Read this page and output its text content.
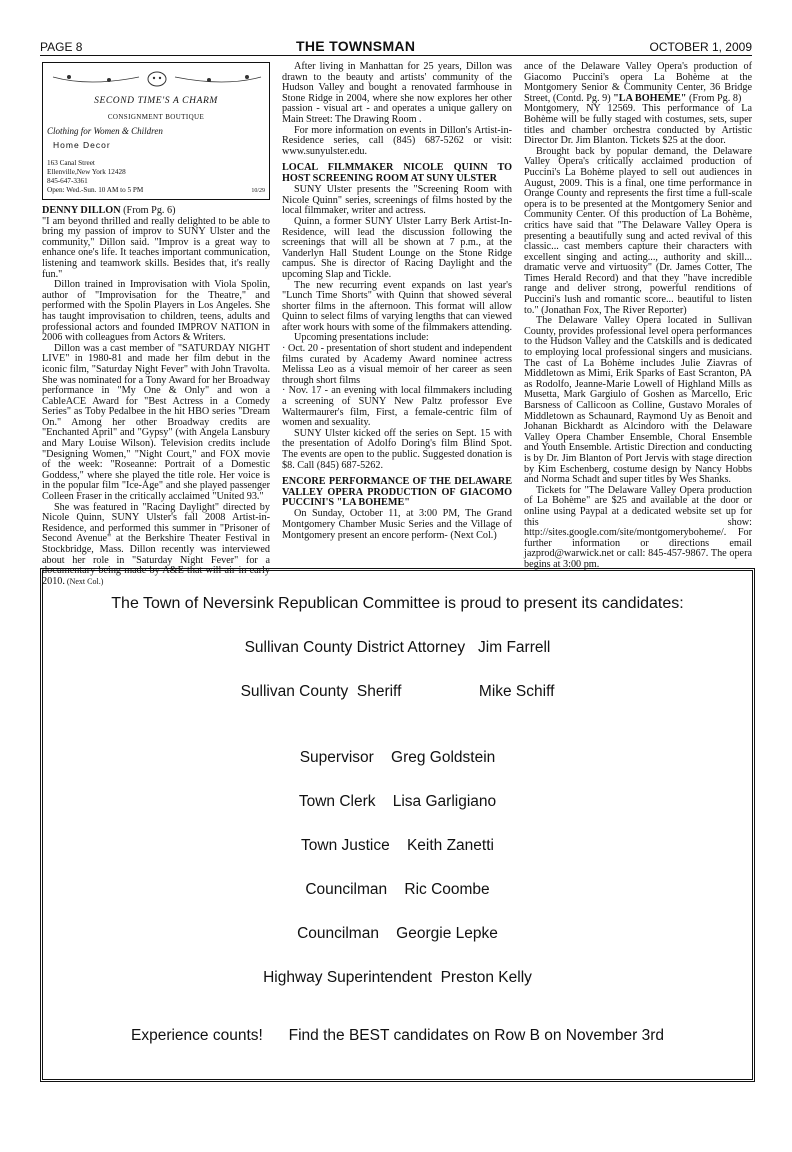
PAGE 8	THE TOWNSMAN	OCTOBER 1, 2009
SECOND TIME'S A CHARM
CONSIGNMENT BOUTIQUE
Clothing for Women & Children
Home Decor
163 Canal Street
Ellenville,New York 12428
845-647-3361
Open: Wed.-Sun. 10 AM to 5 PM	10/29

DENNY DILLON (From Pg. 6)

"I am beyond thrilled and really delighted to be able to bring my passion of improv to SUNY Ulster and the community," Dillon said. "Improv is a great way to enhance one's life. It teaches important communication, listening and teamwork skills. Besides that, it's really fun."

Dillon trained in Improvisation with Viola Spolin, author of "Improvisation for the Theatre," and performed with the Spolin Players in Los Angeles. She has taught improvisation to children, teens, adults and professional actors and founded IMPROV NATION in 2006 with colleagues from Actors & Writers.

Dillon was a cast member of "SATURDAY NIGHT LIVE" in 1980-81 and made her film debut in the iconic film, "Saturday Night Fever" with John Travolta. She was nominated for a Tony Award for her Broadway performance in "My One & Only" and won a CableACE Award for "Best Actress in a Comedy Series" as Toby Pedalbee in the hit HBO series "Dream On." Among her other Broadway credits are "Enchanted April" and "Gypsy" (with Angela Lansbury and Mary Louise Wilson). Television credits include "Designing Women," "Night Court," and FOX movie of the week: "Roseanne: Portrait of a Domestic Goddess," where she played the title role. Her voice is in the popular film "Ice-Age" and she played passenger Colleen Fraser in the critically acclaimed "United 93."

She was featured in "Racing Daylight" directed by Nicole Quinn, SUNY Ulster's fall 2008 Artist-in-Residence, and performed this summer in "Prisoner of Second Avenue" at the Berkshire Theater Festival in Stockbridge, Mass. Dillon recently was interviewed about her role in "Saturday Night Fever" for a documentary being made by A&E that will air in early 2010. (Next Col.)

After living in Manhattan for 25 years, Dillon was drawn to the beauty and artists' community of the Hudson Valley and bought a renovated farmhouse in Stone Ridge in 2004, where she now explores her other passion - visual art - and operates a unique gallery on Main Street: The Drawing Room .

For more information on events in Dillon's Artist-in-Residence series, call (845) 687-5262 or visit: www.sunyulster.edu.

LOCAL FILMMAKER NICOLE QUINN TO HOST SCREENING ROOM AT SUNY ULSTER

SUNY Ulster presents the "Screening Room with Nicole Quinn" series, screenings of films hosted by the local filmmaker, writer and actress.

Quinn, a former SUNY Ulster Larry Berk Artist-In-Residence, will lead the discussion following the screenings that will all be shown at 7 p.m., at the Vanderlyn Hall Student Lounge on the Stone Ridge campus. She is director of Racing Daylight and the upcoming Slap and Tickle.

The new recurring event expands on last year's "Lunch Time Shorts" with Quinn that showed several shorter films in the afternoon. This format will allow Quinn to select films of varying lengths that can viewed after work hours with some of the filmmakers attending.

Upcoming presentations include:

· Oct. 20 - presentation of short student and independent films curated by Academy Award nominee actress Melissa Leo as a visual memoir of her career as seen through short films

· Nov. 17 - an evening with local filmmakers including a screening of SUNY New Paltz professor Eve Waltermaurer's film, First, a female-centric film of women and sexuality.

SUNY Ulster kicked off the series on Sept. 15 with the presentation of Adolfo Doring's film Blind Spot. The events are open to the public. Suggested donation is $8. Call (845) 687-5262.

ENCORE PERFORMANCE OF THE DELAWARE VALLEY OPERA PRODUCTION OF GIACOMO PUCCINI'S "LA BOHEME"

On Sunday, October 11, at 3:00 PM, The Grand Montgomery Chamber Music Series and the Village of Montgomery present an encore perform- (Next Col.)

ance of the Delaware Valley Opera's production of Giacomo Puccini's opera La Bohème at the Montgomery Senior & Community Center, 36 Bridge Street, (Contd. Pg. 9) "LA BOHEME" (From Pg. 8)

Montgomery, NY 12569. This performance of La Bohème will be fully staged with costumes, sets, super titles and chamber orchestra conducted by Artistic Director Dr. Jim Blanton. Tickets $25 at the door.

Brought back by popular demand, the Delaware Valley Opera's critically acclaimed production of Puccini's La Bohème played to sell out audiences in August, 2009. This is a final, one time performance in Orange County and represents the first time a full-scale opera is to be presented at the Montgomery Senior and Community Center. Of this production of La Bohème, critics have said that "The Delaware Valley Opera is presenting a beautifully sung and acted revival of this classic... cast members capture their characters with excellent singing and acting..., authority and skill... dramatic verve and virtuosity" (Dr. James Cotter, The Times Herald Record) and that they "have incredible range and deliver strong, powerful renditions of Puccini's lush and romantic score... beautiful to listen to." (Jonathan Fox, The River Reporter)

The Delaware Valley Opera located in Sullivan County, provides professional level opera performances to the Hudson Valley and the Catskills and is dedicated to employing local professional singers and musicians. The cast of La Bohème includes Julie Ziavras of Middletown as Mimi, Erik Sparks of East Scranton, PA as Rodolfo, Jeanne-Marie Lowell of Highland Mills as Musetta, Mark Gargiulo of Goshen as Marcello, Eric Barsness of Callicoon as Colline, Gustavo Morales of Middletown as Schaunard, Raymond Uy as Benoit and Johanan Bickhardt as Alcindoro with the Delaware Valley Opera Chamber Ensemble, Choral Ensemble and Youth Ensemble. Artistic Direction and conducting is by Dr. Jim Blanton of Port Jervis with stage direction by Kim Eschenberg, costume design by Nancy Hobbs and Norma Schadt and super titles by Wes Shanks.

Tickets for "The Delaware Valley Opera production of La Bohème" are $25 and available at the door or online using Paypal at a dedicated website set up for this show: http://sites.google.com/site/montgomeryboheme/. For further information or directions email jazprod@warwick.net or call: 845-457-9867. The opera begins at 3:00 pm.

The Town of Neversink Republican Committee is proud to present its candidates:
Sullivan County District Attorney   Jim Farrell
Sullivan County  Sheriff                  Mike Schiff
Supervisor    Greg Goldstein
Town Clerk    Lisa Garligiano
Town Justice    Keith Zanetti
Councilman    Ric Coombe
Councilman    Georgie Lepke
Highway Superintendent  Preston Kelly
Experience counts!      Find the BEST candidates on Row B on November 3rd
